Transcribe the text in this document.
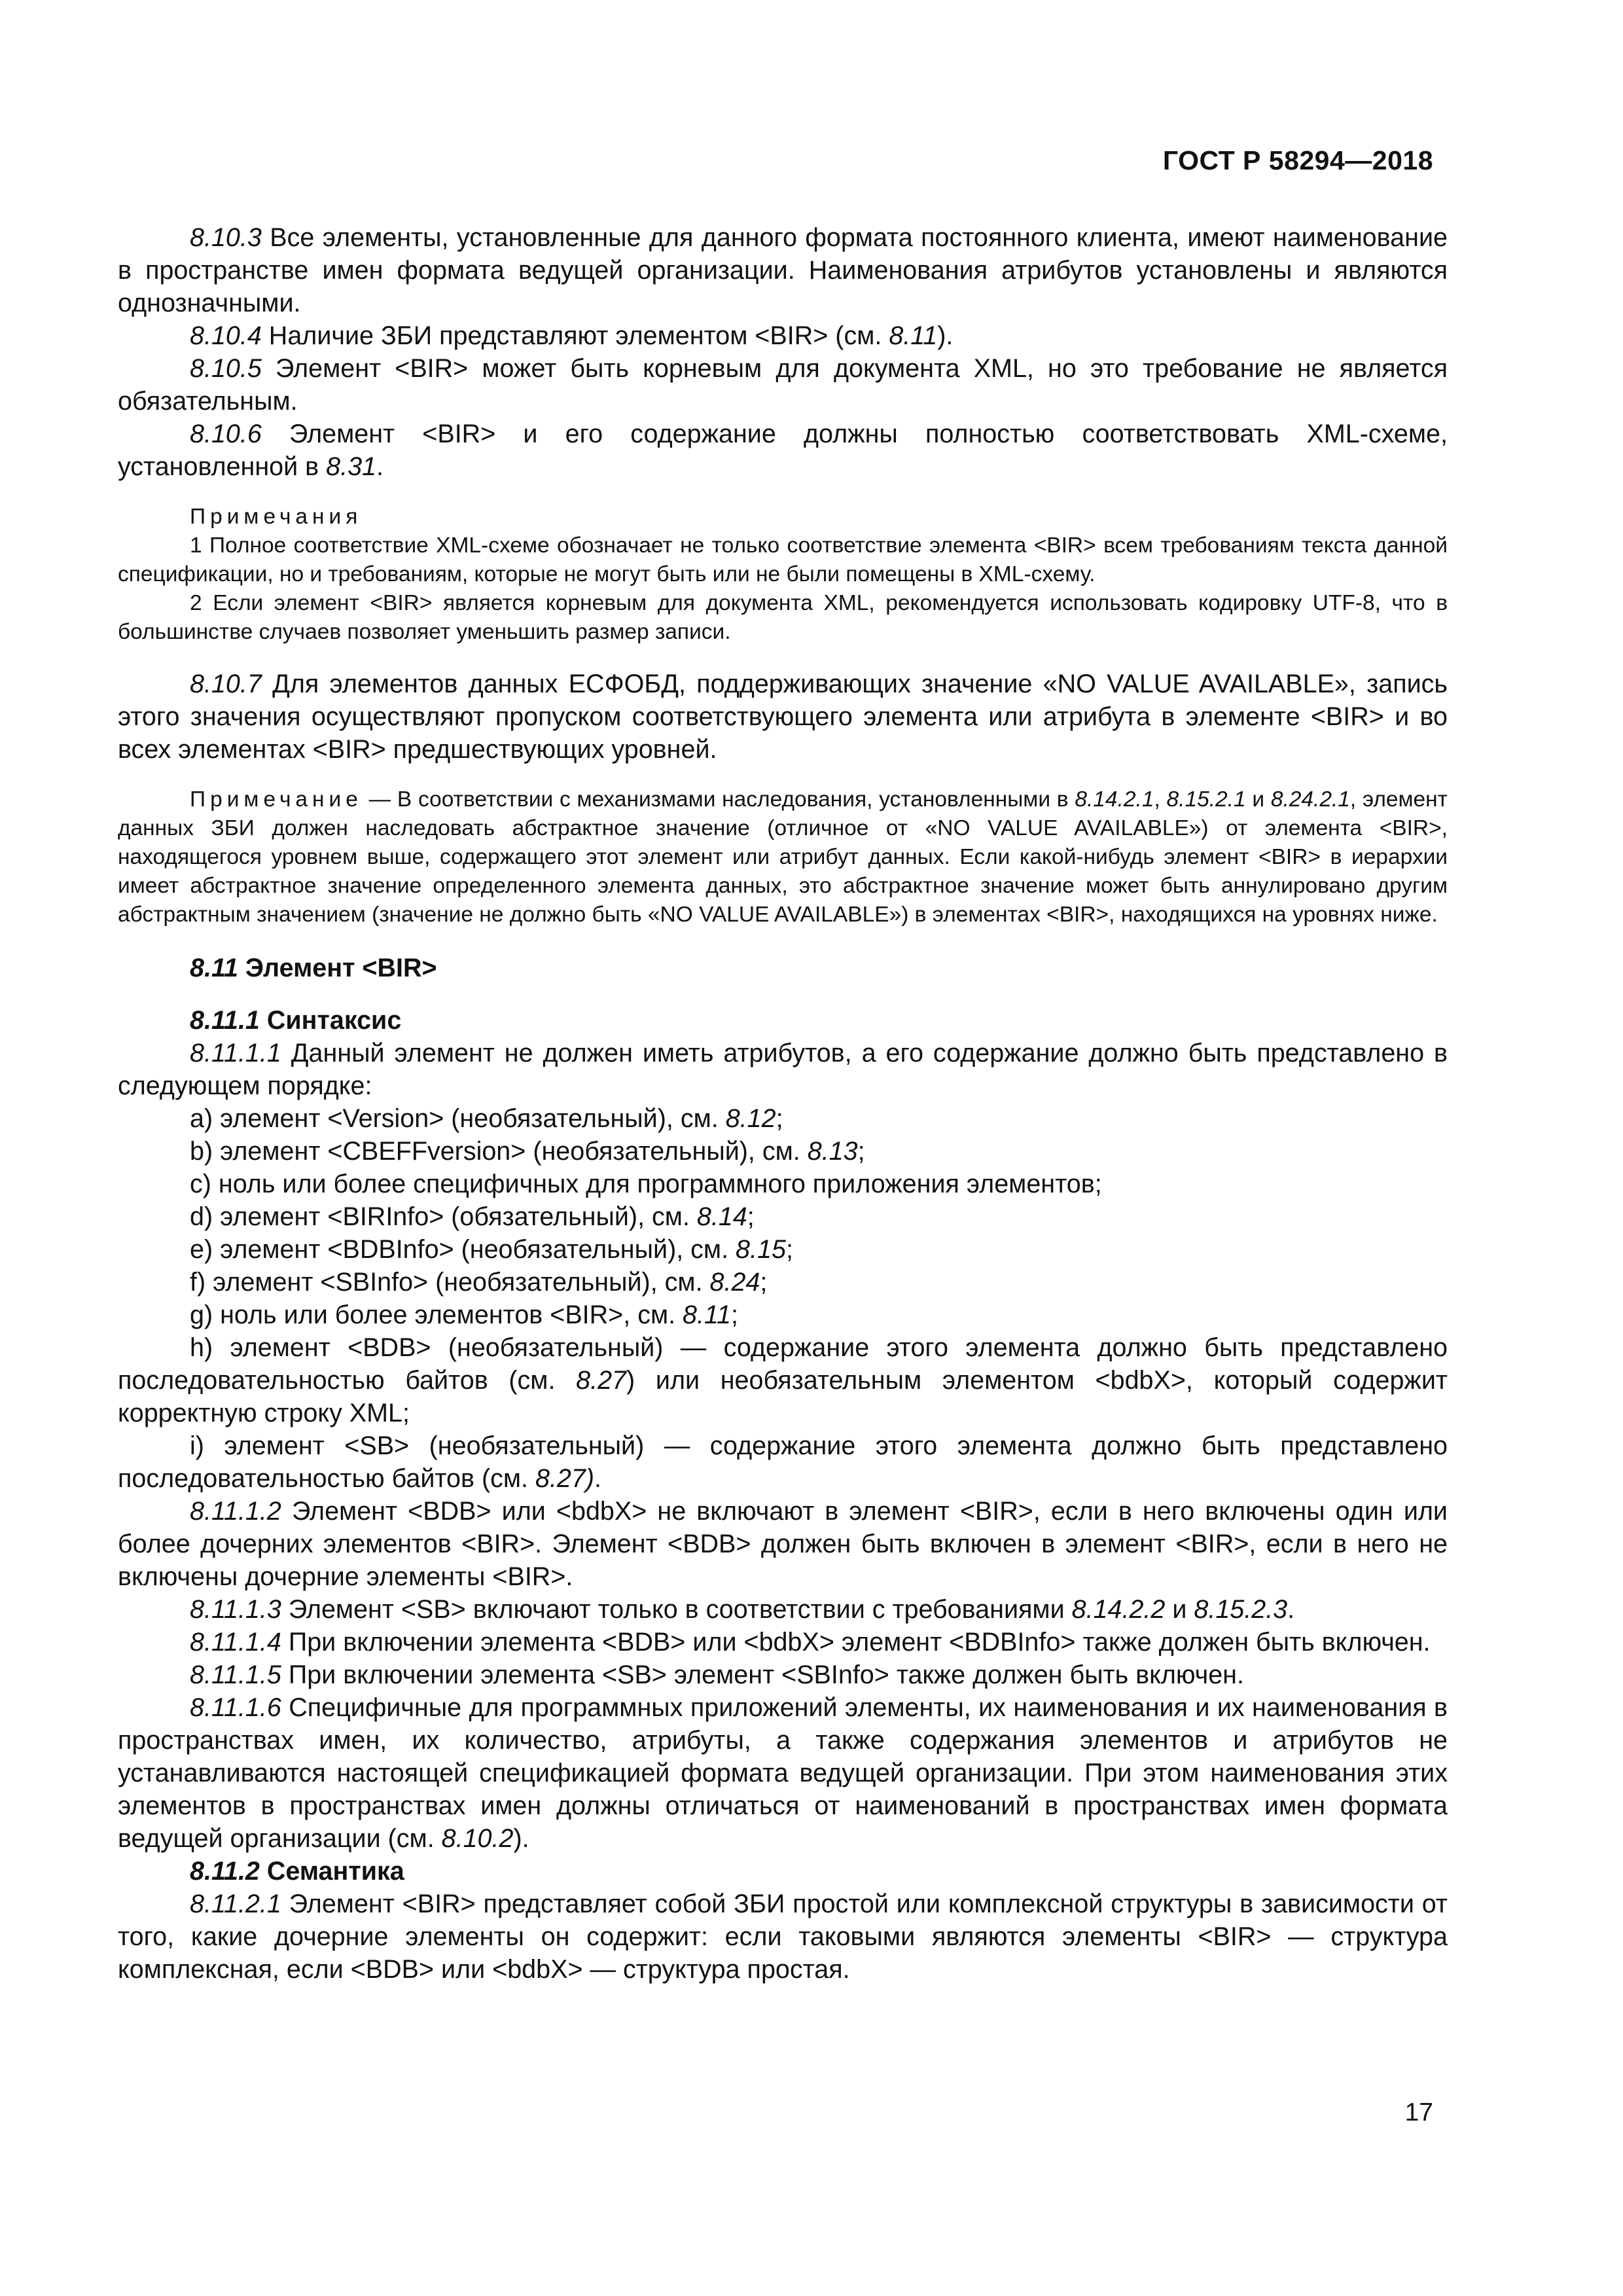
ГОСТ Р 58294—2018

8.10.3 Все элементы, установленные для данного формата постоянного клиента, имеют наименование в пространстве имен формата ведущей организации. Наименования атрибутов установлены и являются однозначными.

8.10.4 Наличие ЗБИ представляют элементом <BIR> (см. 8.11).

8.10.5 Элемент <BIR> может быть корневым для документа XML, но это требование не является обязательным.

8.10.6 Элемент <BIR> и его содержание должны полностью соответствовать XML-схеме, установленной в 8.31.

Примечания

1 Полное соответствие XML-схеме обозначает не только соответствие элемента <BIR> всем требованиям текста данной спецификации, но и требованиям, которые не могут быть или не были помещены в XML-схему.

2 Если элемент <BIR> является корневым для документа XML, рекомендуется использовать кодировку UTF-8, что в большинстве случаев позволяет уменьшить размер записи.

8.10.7 Для элементов данных ЕСФОБД, поддерживающих значение «NO VALUE AVAILABLE», запись этого значения осуществляют пропуском соответствующего элемента или атрибута в элементе <BIR> и во всех элементах <BIR> предшествующих уровней.

Примечание — В соответствии с механизмами наследования, установленными в 8.14.2.1, 8.15.2.1 и 8.24.2.1, элемент данных ЗБИ должен наследовать абстрактное значение (отличное от «NO VALUE AVAILABLE») от элемента <BIR>, находящегося уровнем выше, содержащего этот элемент или атрибут данных. Если какой-нибудь элемент <BIR> в иерархии имеет абстрактное значение определенного элемента данных, это абстрактное значение может быть аннулировано другим абстрактным значением (значение не должно быть «NO VALUE AVAILABLE») в элементах <BIR>, находящихся на уровнях ниже.

8.11 Элемент <BIR>

8.11.1 Синтаксис

8.11.1.1 Данный элемент не должен иметь атрибутов, а его содержание должно быть представлено в следующем порядке:

a) элемент <Version> (необязательный), см. 8.12;

b) элемент <CBEFFversion> (необязательный), см. 8.13;

c) ноль или более специфичных для программного приложения элементов;

d) элемент <BIRInfo> (обязательный), см. 8.14;

e) элемент <BDBInfo> (необязательный), см. 8.15;

f) элемент <SBInfo> (необязательный), см. 8.24;

g) ноль или более элементов <BIR>, см. 8.11;

h) элемент <BDB> (необязательный) — содержание этого элемента должно быть представлено последовательностью байтов (см. 8.27) или необязательным элементом <bdbX>, который содержит корректную строку XML;

i) элемент <SB> (необязательный) — содержание этого элемента должно быть представлено последовательностью байтов (см. 8.27).

8.11.1.2 Элемент <BDB> или <bdbX> не включают в элемент <BIR>, если в него включены один или более дочерних элементов <BIR>. Элемент <BDB> должен быть включен в элемент <BIR>, если в него не включены дочерние элементы <BIR>.

8.11.1.3 Элемент <SB> включают только в соответствии с требованиями 8.14.2.2 и 8.15.2.3.

8.11.1.4 При включении элемента <BDB> или <bdbX> элемент <BDBInfo> также должен быть включен.

8.11.1.5 При включении элемента <SB> элемент <SBInfo> также должен быть включен.

8.11.1.6 Специфичные для программных приложений элементы, их наименования и их наименования в пространствах имен, их количество, атрибуты, а также содержания элементов и атрибутов не устанавливаются настоящей спецификацией формата ведущей организации. При этом наименования этих элементов в пространствах имен должны отличаться от наименований в пространствах имен формата ведущей организации (см. 8.10.2).

8.11.2 Семантика

8.11.2.1 Элемент <BIR> представляет собой ЗБИ простой или комплексной структуры в зависимости от того, какие дочерние элементы он содержит: если таковыми являются элементы <BIR> — структура комплексная, если <BDB> или <bdbX> — структура простая.

17
